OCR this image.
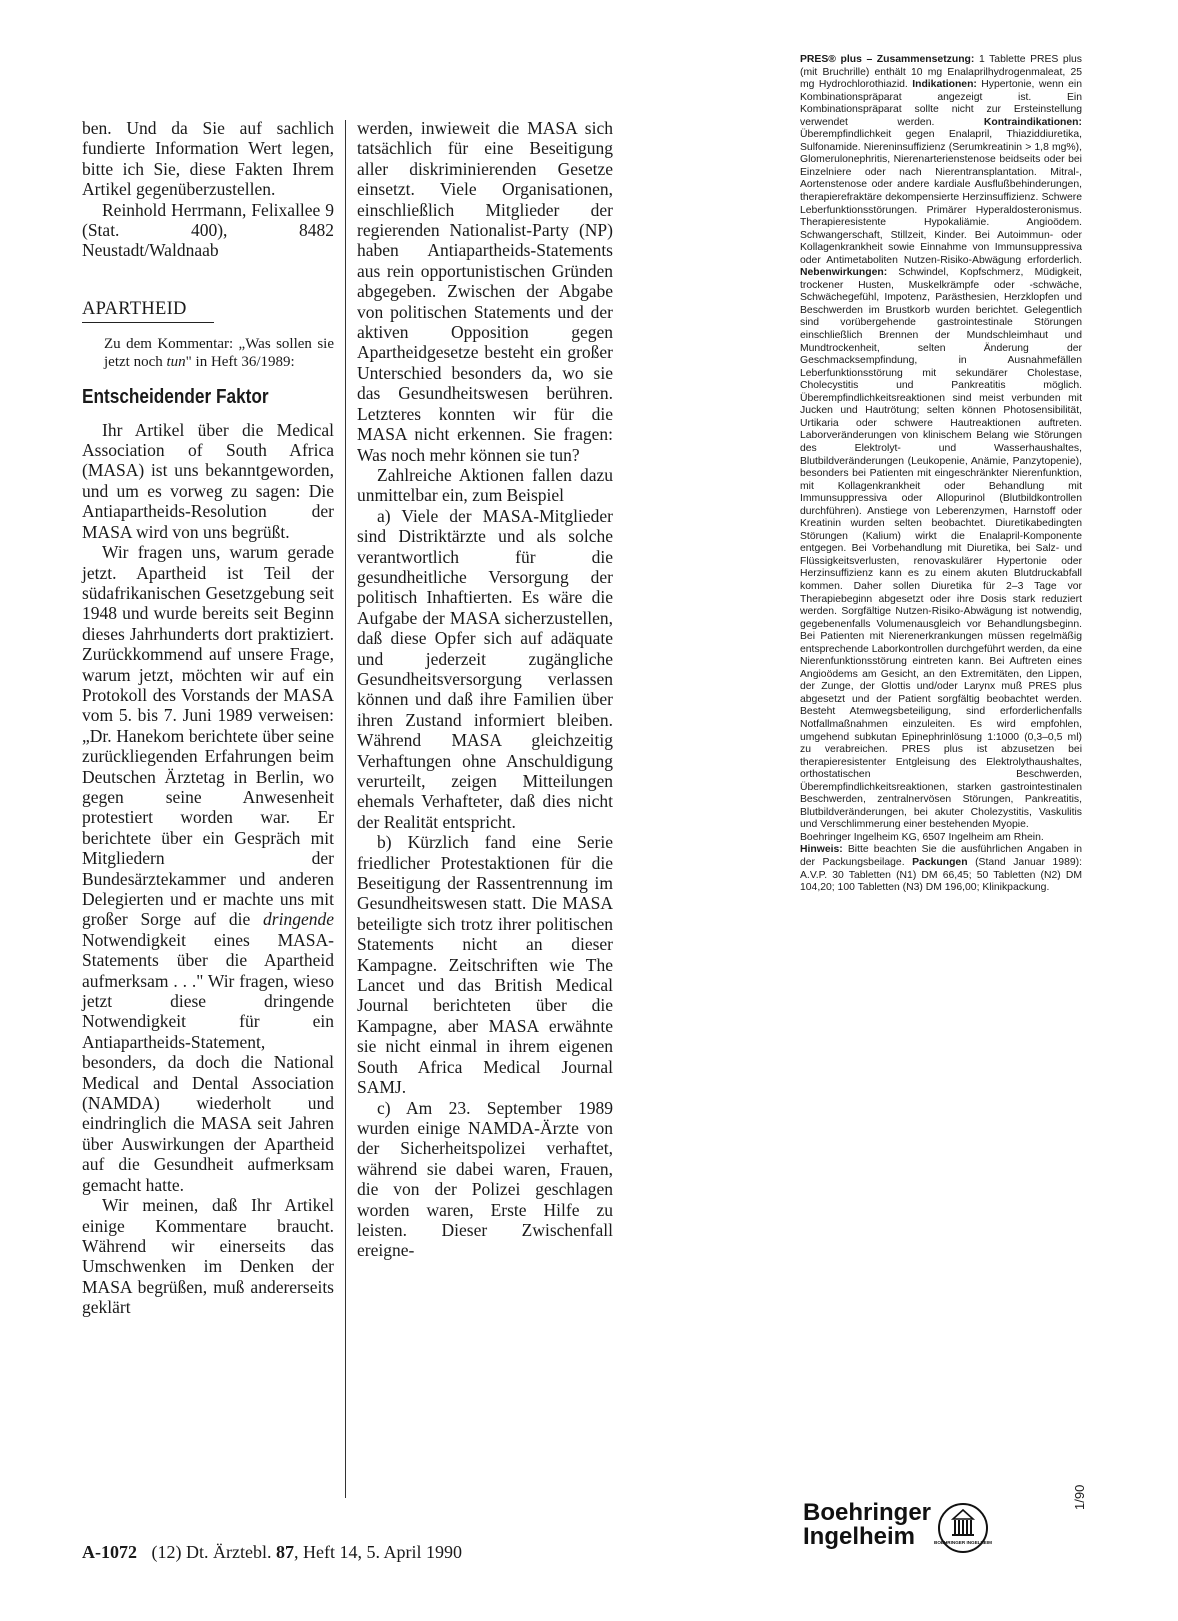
ben. Und da Sie auf sachlich fundierte Information Wert legen, bitte ich Sie, diese Fakten Ihrem Artikel gegenüberzustellen.

Reinhold Herrmann, Felixallee 9 (Stat. 400), 8482 Neustadt/Waldnaab

APARTHEID

Zu dem Kommentar: „Was sollen sie jetzt noch tun" in Heft 36/1989:

Entscheidender Faktor

Ihr Artikel über die Medical Association of South Africa (MASA) ist uns bekanntgeworden, und um es vorweg zu sagen: Die Antiapartheids-Resolution der MASA wird von uns begrüßt.

Wir fragen uns, warum gerade jetzt. Apartheid ist Teil der südafrikanischen Gesetzgebung seit 1948 und wurde bereits seit Beginn dieses Jahrhunderts dort praktiziert. Zurückkommend auf unsere Frage, warum jetzt, möchten wir auf ein Protokoll des Vorstands der MASA vom 5. bis 7. Juni 1989 verweisen: „Dr. Hanekom berichtete über seine zurückliegenden Erfahrungen beim Deutschen Ärztetag in Berlin, wo gegen seine Anwesenheit protestiert worden war. Er berichtete über ein Gespräch mit Mitgliedern der Bundesärztekammer und anderen Delegierten und er machte uns mit großer Sorge auf die dringende Notwendigkeit eines MASA-Statements über die Apartheid aufmerksam . . ." Wir fragen, wieso jetzt diese dringende Notwendigkeit für ein Antiapartheids-Statement, besonders, da doch die National Medical and Dental Association (NAMDA) wiederholt und eindringlich die MASA seit Jahren über Auswirkungen der Apartheid auf die Gesundheit aufmerksam gemacht hatte.

Wir meinen, daß Ihr Artikel einige Kommentare braucht. Während wir einerseits das Umschwenken im Denken der MASA begrüßen, muß andererseits geklärt

werden, inwieweit die MASA sich tatsächlich für eine Beseitigung aller diskriminierenden Gesetze einsetzt. Viele Organisationen, einschließlich Mitglieder der regierenden Nationalist-Party (NP) haben Antiapartheids-Statements aus rein opportunistischen Gründen abgegeben. Zwischen der Abgabe von politischen Statements und der aktiven Opposition gegen Apartheidgesetze besteht ein großer Unterschied besonders da, wo sie das Gesundheitswesen berühren. Letzteres konnten wir für die MASA nicht erkennen. Sie fragen: Was noch mehr können sie tun?

Zahlreiche Aktionen fallen dazu unmittelbar ein, zum Beispiel

a) Viele der MASA-Mitglieder sind Distriktärzte und als solche verantwortlich für die gesundheitliche Versorgung der politisch Inhaftierten. Es wäre die Aufgabe der MASA sicherzustellen, daß diese Opfer sich auf adäquate und jederzeit zugängliche Gesundheitsversorgung verlassen können und daß ihre Familien über ihren Zustand informiert bleiben. Während MASA gleichzeitig Verhaftungen ohne Anschuldigung verurteilt, zeigen Mitteilungen ehemals Verhafteter, daß dies nicht der Realität entspricht.

b) Kürzlich fand eine Serie friedlicher Protestaktionen für die Beseitigung der Rassentrennung im Gesundheitswesen statt. Die MASA beteiligte sich trotz ihrer politischen Statements nicht an dieser Kampagne. Zeitschriften wie The Lancet und das British Medical Journal berichteten über die Kampagne, aber MASA erwähnte sie nicht einmal in ihrem eigenen South Africa Medical Journal SAMJ.

c) Am 23. September 1989 wurden einige NAMDA-Ärzte von der Sicherheitspolizei verhaftet, während sie dabei waren, Frauen, die von der Polizei geschlagen worden waren, Erste Hilfe zu leisten. Dieser Zwischenfall ereigne-

PRES® plus – Zusammensetzung: 1 Tablette PRES plus (mit Bruchrille) enthält 10 mg Enalaprilhydrogenmaleat, 25 mg Hydrochlorothiazid. Indikationen: Hypertonie, wenn ein Kombinationspräparat angezeigt ist. Ein Kombinationspräparat sollte nicht zur Ersteinstellung verwendet werden. Kontraindikationen: Überempfindlichkeit gegen Enalapril, Thiaziddiuretika, Sulfonamide. Niereninsuffizienz (Serumkreatinin > 1,8 mg%), Glomerulonephritis, Nierenarterienstenose beidseits oder bei Einzelniere oder nach Nierentransplantation. Mitral-, Aortenstenose oder andere kardiale Ausflußbehinderungen, therapierefraktäre dekompensierte Herzinsuffizienz. Schwere Leberfunktionsstörungen. Primärer Hyperaldosteronismus. Therapieresistente Hypokaliämie. Angioödem. Schwangerschaft, Stillzeit, Kinder. Bei Autoimmun- oder Kollagenkrankheit sowie Einnahme von Immunsuppressiva oder Antimetaboliten Nutzen-Risiko-Abwägung erforderlich. Nebenwirkungen: Schwindel, Kopfschmerz, Müdigkeit, trockener Husten, Muskelkrämpfe oder -schwäche, Schwächegefühl, Impotenz, Parästhesien, Herzklopfen und Beschwerden im Brustkorb wurden berichtet. Gelegentlich sind vorübergehende gastrointestinale Störungen einschließlich Brennen der Mundschleimhaut und Mundtrockenheit, selten Änderung der Geschmacksempfindung, in Ausnahmefällen Leberfunktionsstörung mit sekundärer Cholestase, Cholecystitis und Pankreatitis möglich. Überempfindlichkeitsreaktionen sind meist verbunden mit Jucken und Hautrötung; selten können Photosensibilität, Urtikaria oder schwere Hautreaktionen auftreten. Laborveränderungen von klinischem Belang wie Störungen des Elektrolyt- und Wasserhaushaltes, Blutbildveränderungen (Leukopenie, Anämie, Panzytopenie), besonders bei Patienten mit eingeschränkter Nierenfunktion, mit Kollagenkrankheit oder Behandlung mit Immunsuppressiva oder Allopurinol (Blutbildkontrollen durchführen). Anstiege von Leberenzymen, Harnstoff oder Kreatinin wurden selten beobachtet. Diuretikabedingten Störungen (Kalium) wirkt die Enalapril-Komponente entgegen. Bei Vorbehandlung mit Diuretika, bei Salz- und Flüssigkeitsverlusten, renovaskulärer Hypertonie oder Herzinsuffizienz kann es zu einem akuten Blutdruckabfall kommen. Daher sollen Diuretika für 2–3 Tage vor Therapiebeginn abgesetzt oder ihre Dosis stark reduziert werden. Sorgfältige Nutzen-Risiko-Abwägung ist notwendig, gegebenenfalls Volumenausgleich vor Behandlungsbeginn. Bei Patienten mit Nierenerkrankungen müssen regelmäßig entsprechende Laborkontrollen durchgeführt werden, da eine Nierenfunktionsstörung eintreten kann. Bei Auftreten eines Angioödems am Gesicht, an den Extremitäten, den Lippen, der Zunge, der Glottis und/oder Larynx muß PRES plus abgesetzt und der Patient sorgfältig beobachtet werden. Besteht Atemwegsbeteiligung, sind erforderlichenfalls Notfallmaßnahmen einzuleiten. Es wird empfohlen, umgehend subkutan Epinephrinlösung 1:1000 (0,3–0,5 ml) zu verabreichen. PRES plus ist abzusetzen bei therapieresistenter Entgleisung des Elektrolythaushaltes, orthostatischen Beschwerden, Überempfindlichkeitsreaktionen, starken gastrointestinalen Beschwerden, zentralnervösen Störungen, Pankreatitis, Blutbildveränderungen, bei akuter Cholezystitis, Vaskulitis und Verschlimmerung einer bestehenden Myopie.

Boehringer Ingelheim KG, 6507 Ingelheim am Rhein.

Hinweis: Bitte beachten Sie die ausführlichen Angaben in der Packungsbeilage. Packungen (Stand Januar 1989): A.V.P. 30 Tabletten (N1) DM 66,45; 50 Tabletten (N2) DM 104,20; 100 Tabletten (N3) DM 196,00; Klinikpackung.

A-1072 (12) Dt. Ärztebl. 87, Heft 14, 5. April 1990
Boehringer
Ingelheim	BOEHRINGER INGELHEIM
1/90
